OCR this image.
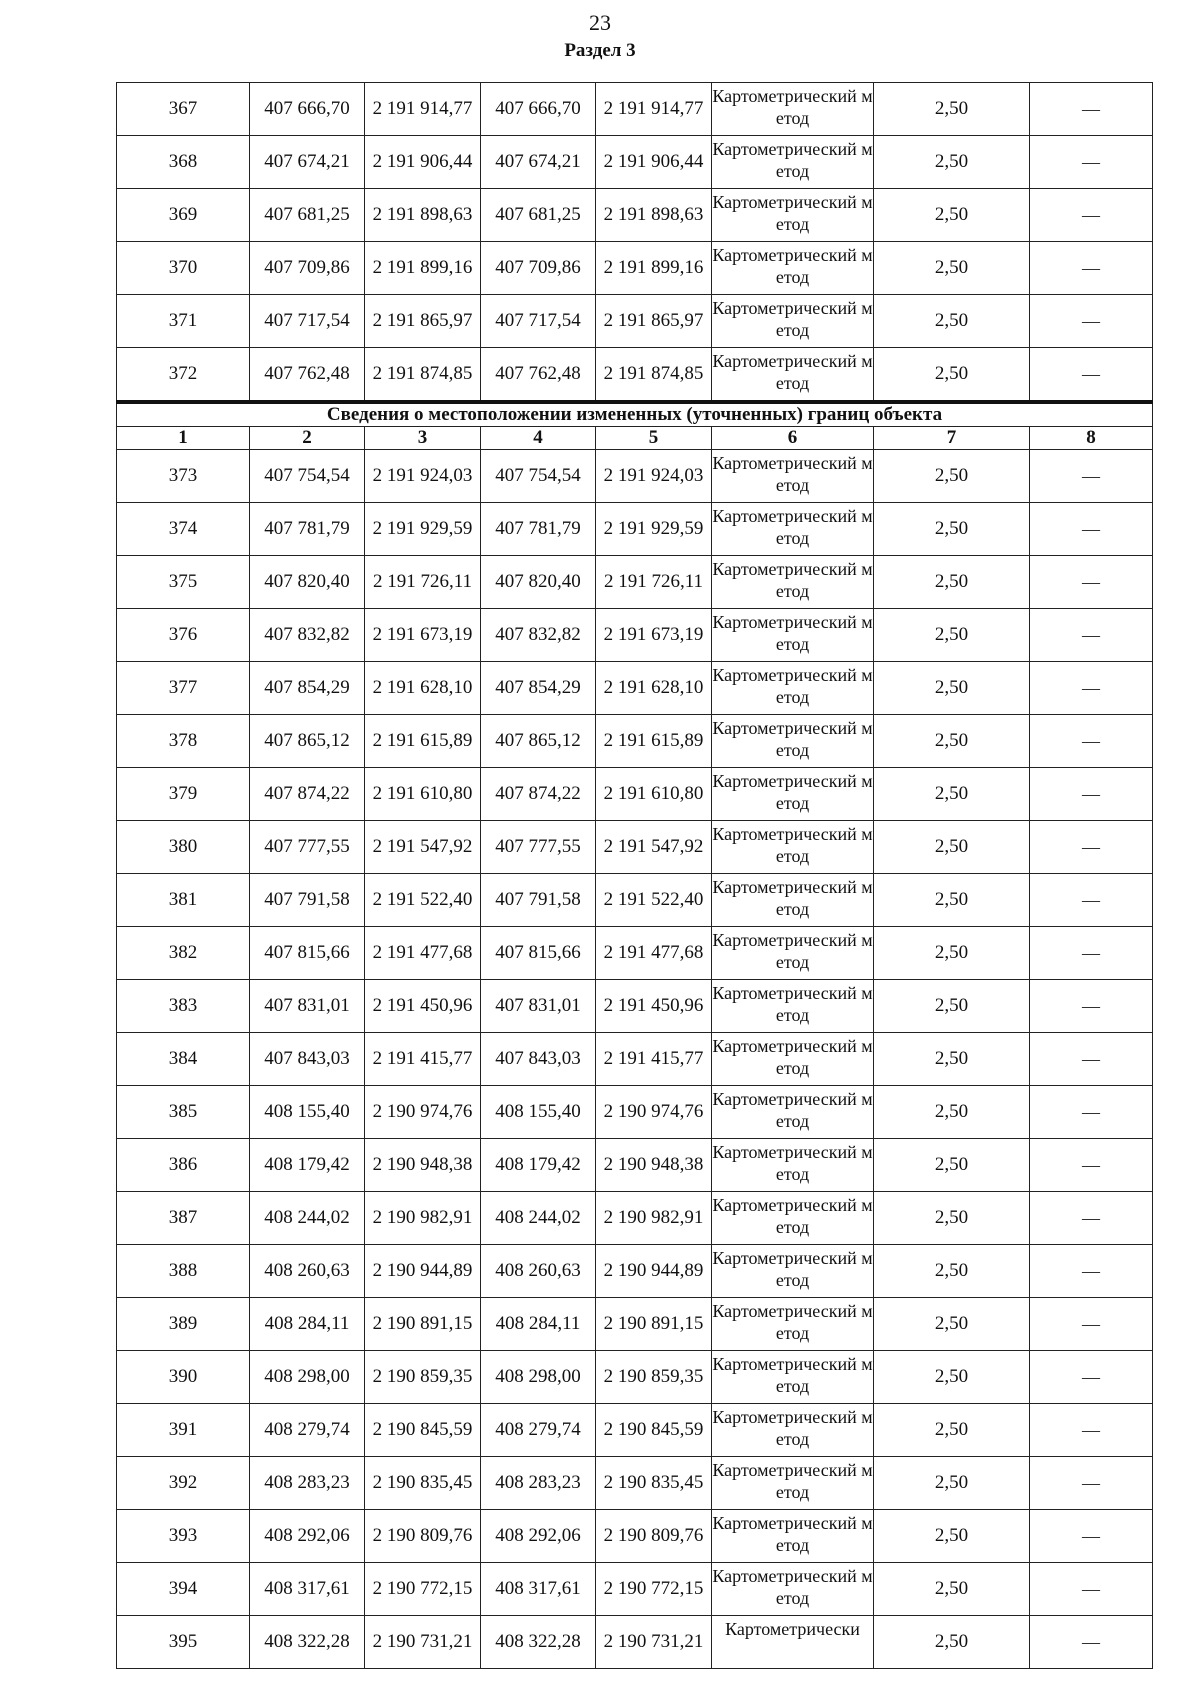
23
Раздел 3
367	407 666,70	2 191 914,77	407 666,70	2 191 914,77	Картометрический метод	2,50	—
368	407 674,21	2 191 906,44	407 674,21	2 191 906,44	Картометрический метод	2,50	—
369	407 681,25	2 191 898,63	407 681,25	2 191 898,63	Картометрический метод	2,50	—
370	407 709,86	2 191 899,16	407 709,86	2 191 899,16	Картометрический метод	2,50	—
371	407 717,54	2 191 865,97	407 717,54	2 191 865,97	Картометрический метод	2,50	—
372	407 762,48	2 191 874,85	407 762,48	2 191 874,85	Картометрический метод	2,50	—
Сведения о местоположении измененных (уточненных) границ объекта							
1	2	3	4	5	6	7	8
373	407 754,54	2 191 924,03	407 754,54	2 191 924,03	Картометрический метод	2,50	—
374	407 781,79	2 191 929,59	407 781,79	2 191 929,59	Картометрический метод	2,50	—
375	407 820,40	2 191 726,11	407 820,40	2 191 726,11	Картометрический метод	2,50	—
376	407 832,82	2 191 673,19	407 832,82	2 191 673,19	Картометрический метод	2,50	—
377	407 854,29	2 191 628,10	407 854,29	2 191 628,10	Картометрический метод	2,50	—
378	407 865,12	2 191 615,89	407 865,12	2 191 615,89	Картометрический метод	2,50	—
379	407 874,22	2 191 610,80	407 874,22	2 191 610,80	Картометрический метод	2,50	—
380	407 777,55	2 191 547,92	407 777,55	2 191 547,92	Картометрический метод	2,50	—
381	407 791,58	2 191 522,40	407 791,58	2 191 522,40	Картометрический метод	2,50	—
382	407 815,66	2 191 477,68	407 815,66	2 191 477,68	Картометрический метод	2,50	—
383	407 831,01	2 191 450,96	407 831,01	2 191 450,96	Картометрический метод	2,50	—
384	407 843,03	2 191 415,77	407 843,03	2 191 415,77	Картометрический метод	2,50	—
385	408 155,40	2 190 974,76	408 155,40	2 190 974,76	Картометрический метод	2,50	—
386	408 179,42	2 190 948,38	408 179,42	2 190 948,38	Картометрический метод	2,50	—
387	408 244,02	2 190 982,91	408 244,02	2 190 982,91	Картометрический метод	2,50	—
388	408 260,63	2 190 944,89	408 260,63	2 190 944,89	Картометрический метод	2,50	—
389	408 284,11	2 190 891,15	408 284,11	2 190 891,15	Картометрический метод	2,50	—
390	408 298,00	2 190 859,35	408 298,00	2 190 859,35	Картометрический метод	2,50	—
391	408 279,74	2 190 845,59	408 279,74	2 190 845,59	Картометрический метод	2,50	—
392	408 283,23	2 190 835,45	408 283,23	2 190 835,45	Картометрический метод	2,50	—
393	408 292,06	2 190 809,76	408 292,06	2 190 809,76	Картометрический метод	2,50	—
394	408 317,61	2 190 772,15	408 317,61	2 190 772,15	Картометрический метод	2,50	—
395	408 322,28	2 190 731,21	408 322,28	2 190 731,21	Картометрически	2,50	—
